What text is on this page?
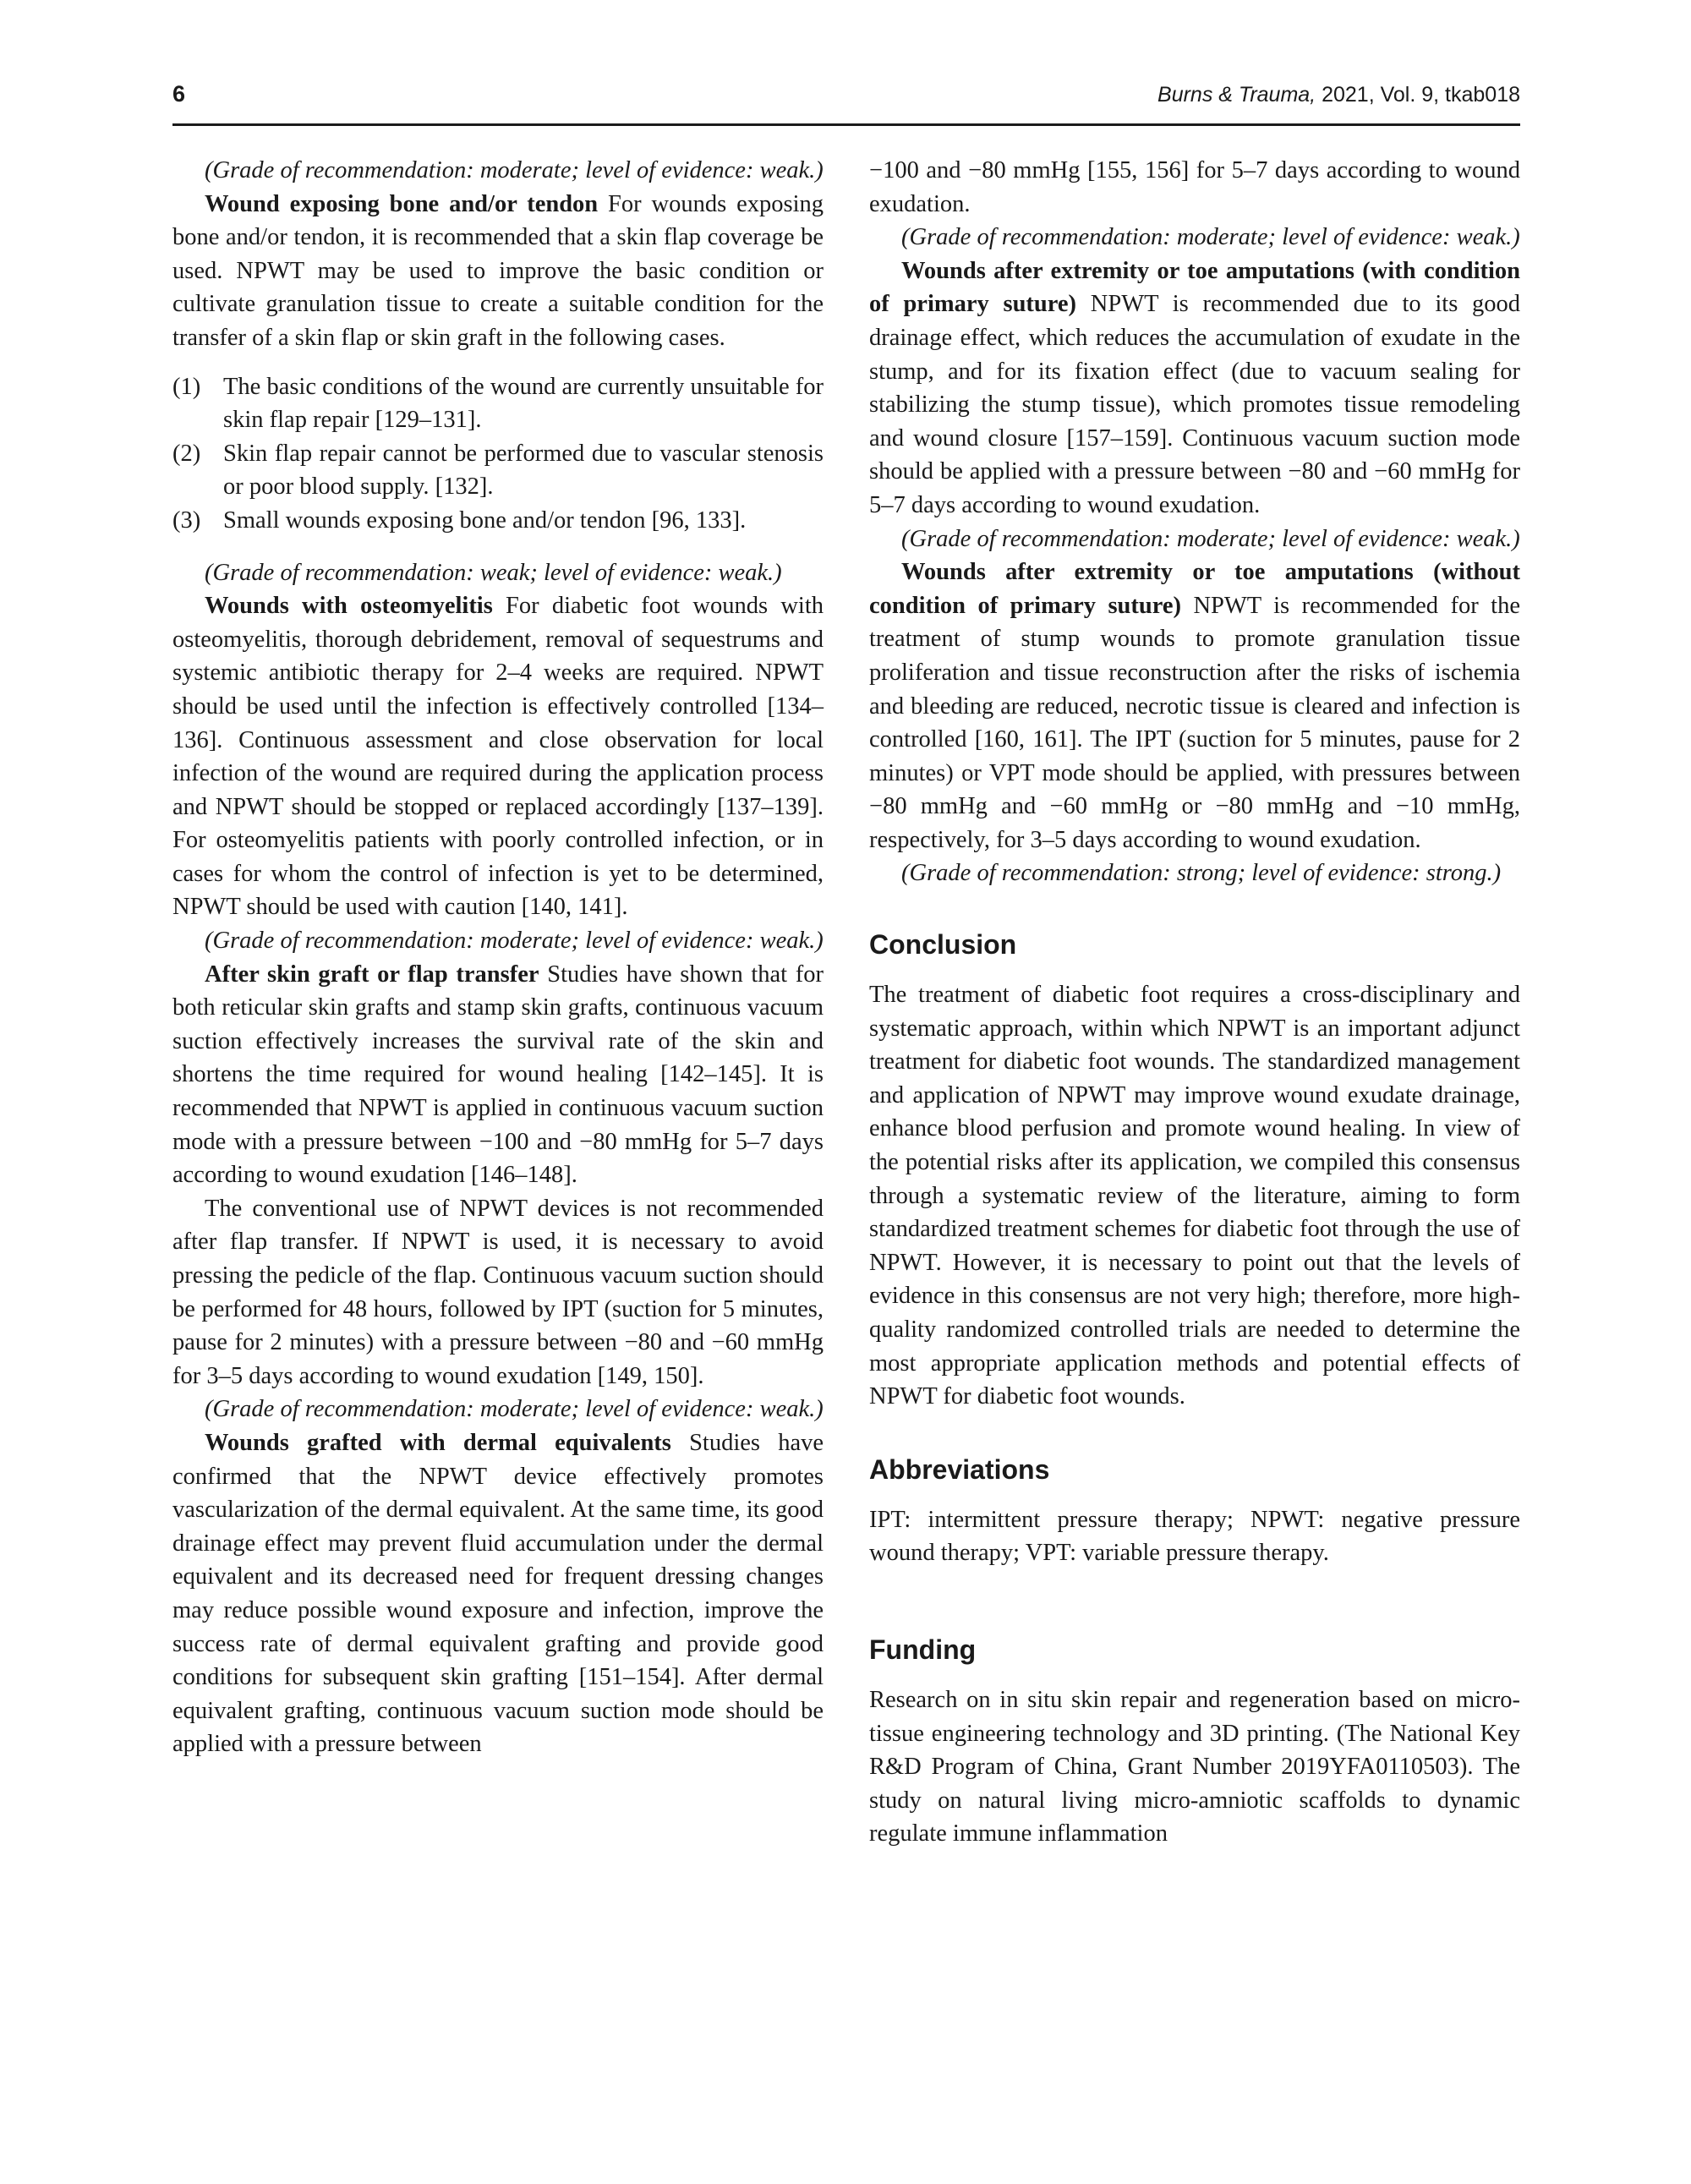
6	Burns & Trauma, 2021, Vol. 9, tkab018

(Grade of recommendation: moderate; level of evidence: weak.)

Wound exposing bone and/or tendon For wounds exposing bone and/or tendon, it is recommended that a skin flap coverage be used. NPWT may be used to improve the basic condition or cultivate granulation tissue to create a suitable condition for the transfer of a skin flap or skin graft in the following cases.

(1) The basic conditions of the wound are currently unsuitable for skin flap repair [129–131].
(2) Skin flap repair cannot be performed due to vascular stenosis or poor blood supply. [132].
(3) Small wounds exposing bone and/or tendon [96, 133].

(Grade of recommendation: weak; level of evidence: weak.)

Wounds with osteomyelitis For diabetic foot wounds with osteomyelitis, thorough debridement, removal of sequestrums and systemic antibiotic therapy for 2–4 weeks are required. NPWT should be used until the infection is effectively controlled [134–136]. Continuous assessment and close observation for local infection of the wound are required during the application process and NPWT should be stopped or replaced accordingly [137–139]. For osteomyelitis patients with poorly controlled infection, or in cases for whom the control of infection is yet to be determined, NPWT should be used with caution [140, 141].

(Grade of recommendation: moderate; level of evidence: weak.)

After skin graft or flap transfer Studies have shown that for both reticular skin grafts and stamp skin grafts, continuous vacuum suction effectively increases the survival rate of the skin and shortens the time required for wound healing [142–145]. It is recommended that NPWT is applied in continuous vacuum suction mode with a pressure between −100 and −80 mmHg for 5–7 days according to wound exudation [146–148].

The conventional use of NPWT devices is not recommended after flap transfer. If NPWT is used, it is necessary to avoid pressing the pedicle of the flap. Continuous vacuum suction should be performed for 48 hours, followed by IPT (suction for 5 minutes, pause for 2 minutes) with a pressure between −80 and −60 mmHg for 3–5 days according to wound exudation [149, 150].

(Grade of recommendation: moderate; level of evidence: weak.)

Wounds grafted with dermal equivalents Studies have confirmed that the NPWT device effectively promotes vascularization of the dermal equivalent. At the same time, its good drainage effect may prevent fluid accumulation under the dermal equivalent and its decreased need for frequent dressing changes may reduce possible wound exposure and infection, improve the success rate of dermal equivalent grafting and provide good conditions for subsequent skin grafting [151–154]. After dermal equivalent grafting, continuous vacuum suction mode should be applied with a pressure between

−100 and −80 mmHg [155, 156] for 5–7 days according to wound exudation.

(Grade of recommendation: moderate; level of evidence: weak.)

Wounds after extremity or toe amputations (with condition of primary suture) NPWT is recommended due to its good drainage effect, which reduces the accumulation of exudate in the stump, and for its fixation effect (due to vacuum sealing for stabilizing the stump tissue), which promotes tissue remodeling and wound closure [157–159]. Continuous vacuum suction mode should be applied with a pressure between −80 and −60 mmHg for 5–7 days according to wound exudation.

(Grade of recommendation: moderate; level of evidence: weak.)

Wounds after extremity or toe amputations (without condition of primary suture) NPWT is recommended for the treatment of stump wounds to promote granulation tissue proliferation and tissue reconstruction after the risks of ischemia and bleeding are reduced, necrotic tissue is cleared and infection is controlled [160, 161]. The IPT (suction for 5 minutes, pause for 2 minutes) or VPT mode should be applied, with pressures between −80 mmHg and −60 mmHg or −80 mmHg and −10 mmHg, respectively, for 3–5 days according to wound exudation.

(Grade of recommendation: strong; level of evidence: strong.)

Conclusion

The treatment of diabetic foot requires a cross-disciplinary and systematic approach, within which NPWT is an important adjunct treatment for diabetic foot wounds. The standardized management and application of NPWT may improve wound exudate drainage, enhance blood perfusion and promote wound healing. In view of the potential risks after its application, we compiled this consensus through a systematic review of the literature, aiming to form standardized treatment schemes for diabetic foot through the use of NPWT. However, it is necessary to point out that the levels of evidence in this consensus are not very high; therefore, more high-quality randomized controlled trials are needed to determine the most appropriate application methods and potential effects of NPWT for diabetic foot wounds.

Abbreviations

IPT: intermittent pressure therapy; NPWT: negative pressure wound therapy; VPT: variable pressure therapy.

Funding

Research on in situ skin repair and regeneration based on micro-tissue engineering technology and 3D printing. (The National Key R&D Program of China, Grant Number 2019YFA0110503). The study on natural living micro-amniotic scaffolds to dynamic regulate immune inflammation
